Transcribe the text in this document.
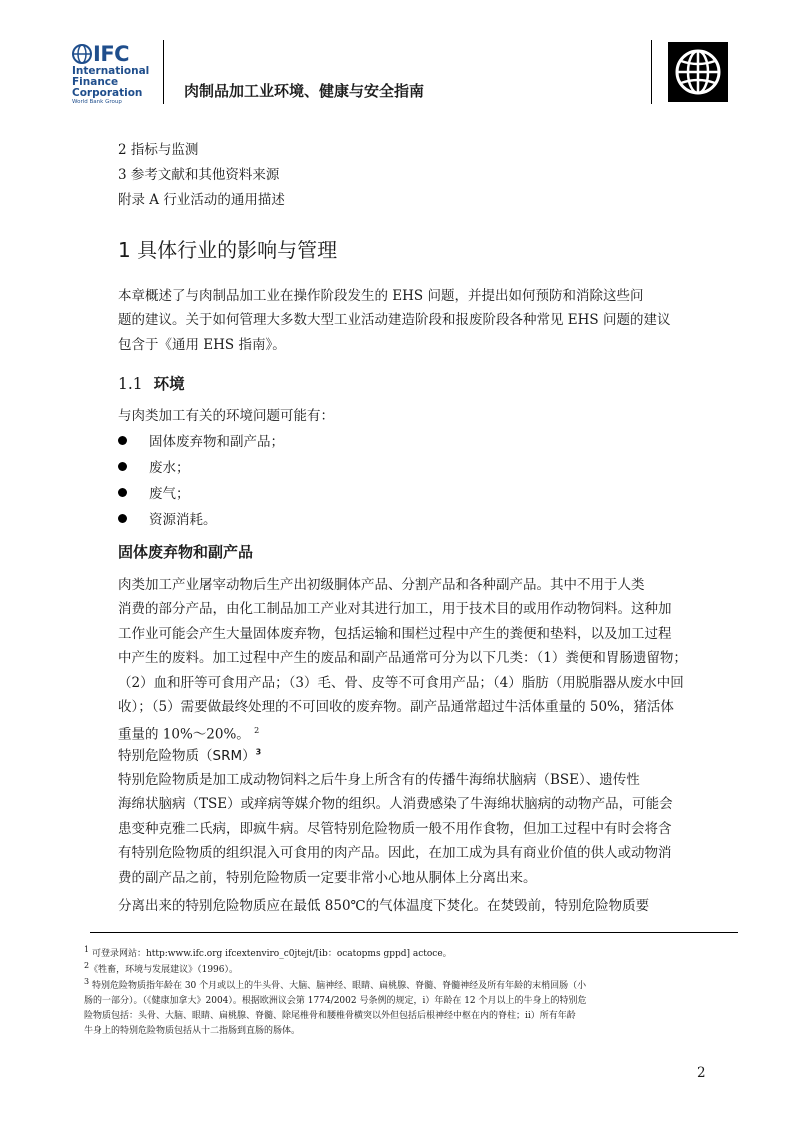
IFC
International
Finance
Corporation
World Bank Group
肉制品加工业环境、健康与安全指南
2 指标与监测
3 参考文献和其他资料来源
附录 A 行业活动的通用描述
1 具体行业的影响与管理
本章概述了与肉制品加工业在操作阶段发生的 EHS 问题，并提出如何预防和消除这些问
题的建议。关于如何管理大多数大型工业活动建造阶段和报废阶段各种常见 EHS 问题的建议
包含于《通用 EHS 指南》。
1.1 环境
与肉类加工有关的环境问题可能有：
固体废弃物和副产品；
废水；
废气；
资源消耗。
固体废弃物和副产品
肉类加工产业屠宰动物后生产出初级胴体产品、分割产品和各种副产品。其中不用于人类
消费的部分产品，由化工制品加工产业对其进行加工，用于技术目的或用作动物饲料。这种加
工作业可能会产生大量固体废弃物，包括运输和围栏过程中产生的粪便和垫料，以及加工过程
中产生的废料。加工过程中产生的废品和副产品通常可分为以下几类：（1）粪便和胃肠遗留物；
（2）血和肝等可食用产品；（3）毛、骨、皮等不可食用产品；（4）脂肪（用脱脂器从废水中回
收）；（5）需要做最终处理的不可回收的废弃物。副产品通常超过牛活体重量的 50%，猪活体
重量的 10%～20%。 $^2$
特别危险物质（SRM）$^3$
特别危险物质是加工成动物饲料之后牛身上所含有的传播牛海绵状脑病（BSE）、遗传性
海绵状脑病（TSE）或痒病等媒介物的组织。人消费感染了牛海绵状脑病的动物产品，可能会
患变种克雅二氏病，即疯牛病。尽管特别危险物质一般不用作食物，但加工过程中有时会将含
有特别危险物质的组织混入可食用的肉产品。因此，在加工成为具有商业价值的供人或动物消
费的副产品之前，特别危险物质一定要非常小心地从胴体上分离出来。
分离出来的特别危险物质应在最低 850℃的气体温度下焚化。在焚毁前，特别危险物质要
$^1$ 可登录网站：http:www.ifc.org ifcextenviro_c0jtejt/[ib：ocatopms gppd] actoce。
$^2$《牲畜，环境与发展建议》（1996）。
$^3$ 特别危险物质指年龄在 30 个月或以上的牛头骨、大脑、脑神经、眼睛、扁桃腺、脊髓、脊髓神经及所有年龄的末梢回肠（小
肠的一部分）。（《健康加拿大》2004）。根据欧洲议会第 1774/2002 号条例的规定，i）年龄在 12 个月以上的牛身上的特别危
险物质包括：头骨、大脑、眼睛、扁桃腺、脊髓、除尾椎骨和腰椎骨横突以外但包括后根神经中枢在内的脊柱；ii）所有年龄
牛身上的特别危险物质包括从十二指肠到直肠的肠体。
2
